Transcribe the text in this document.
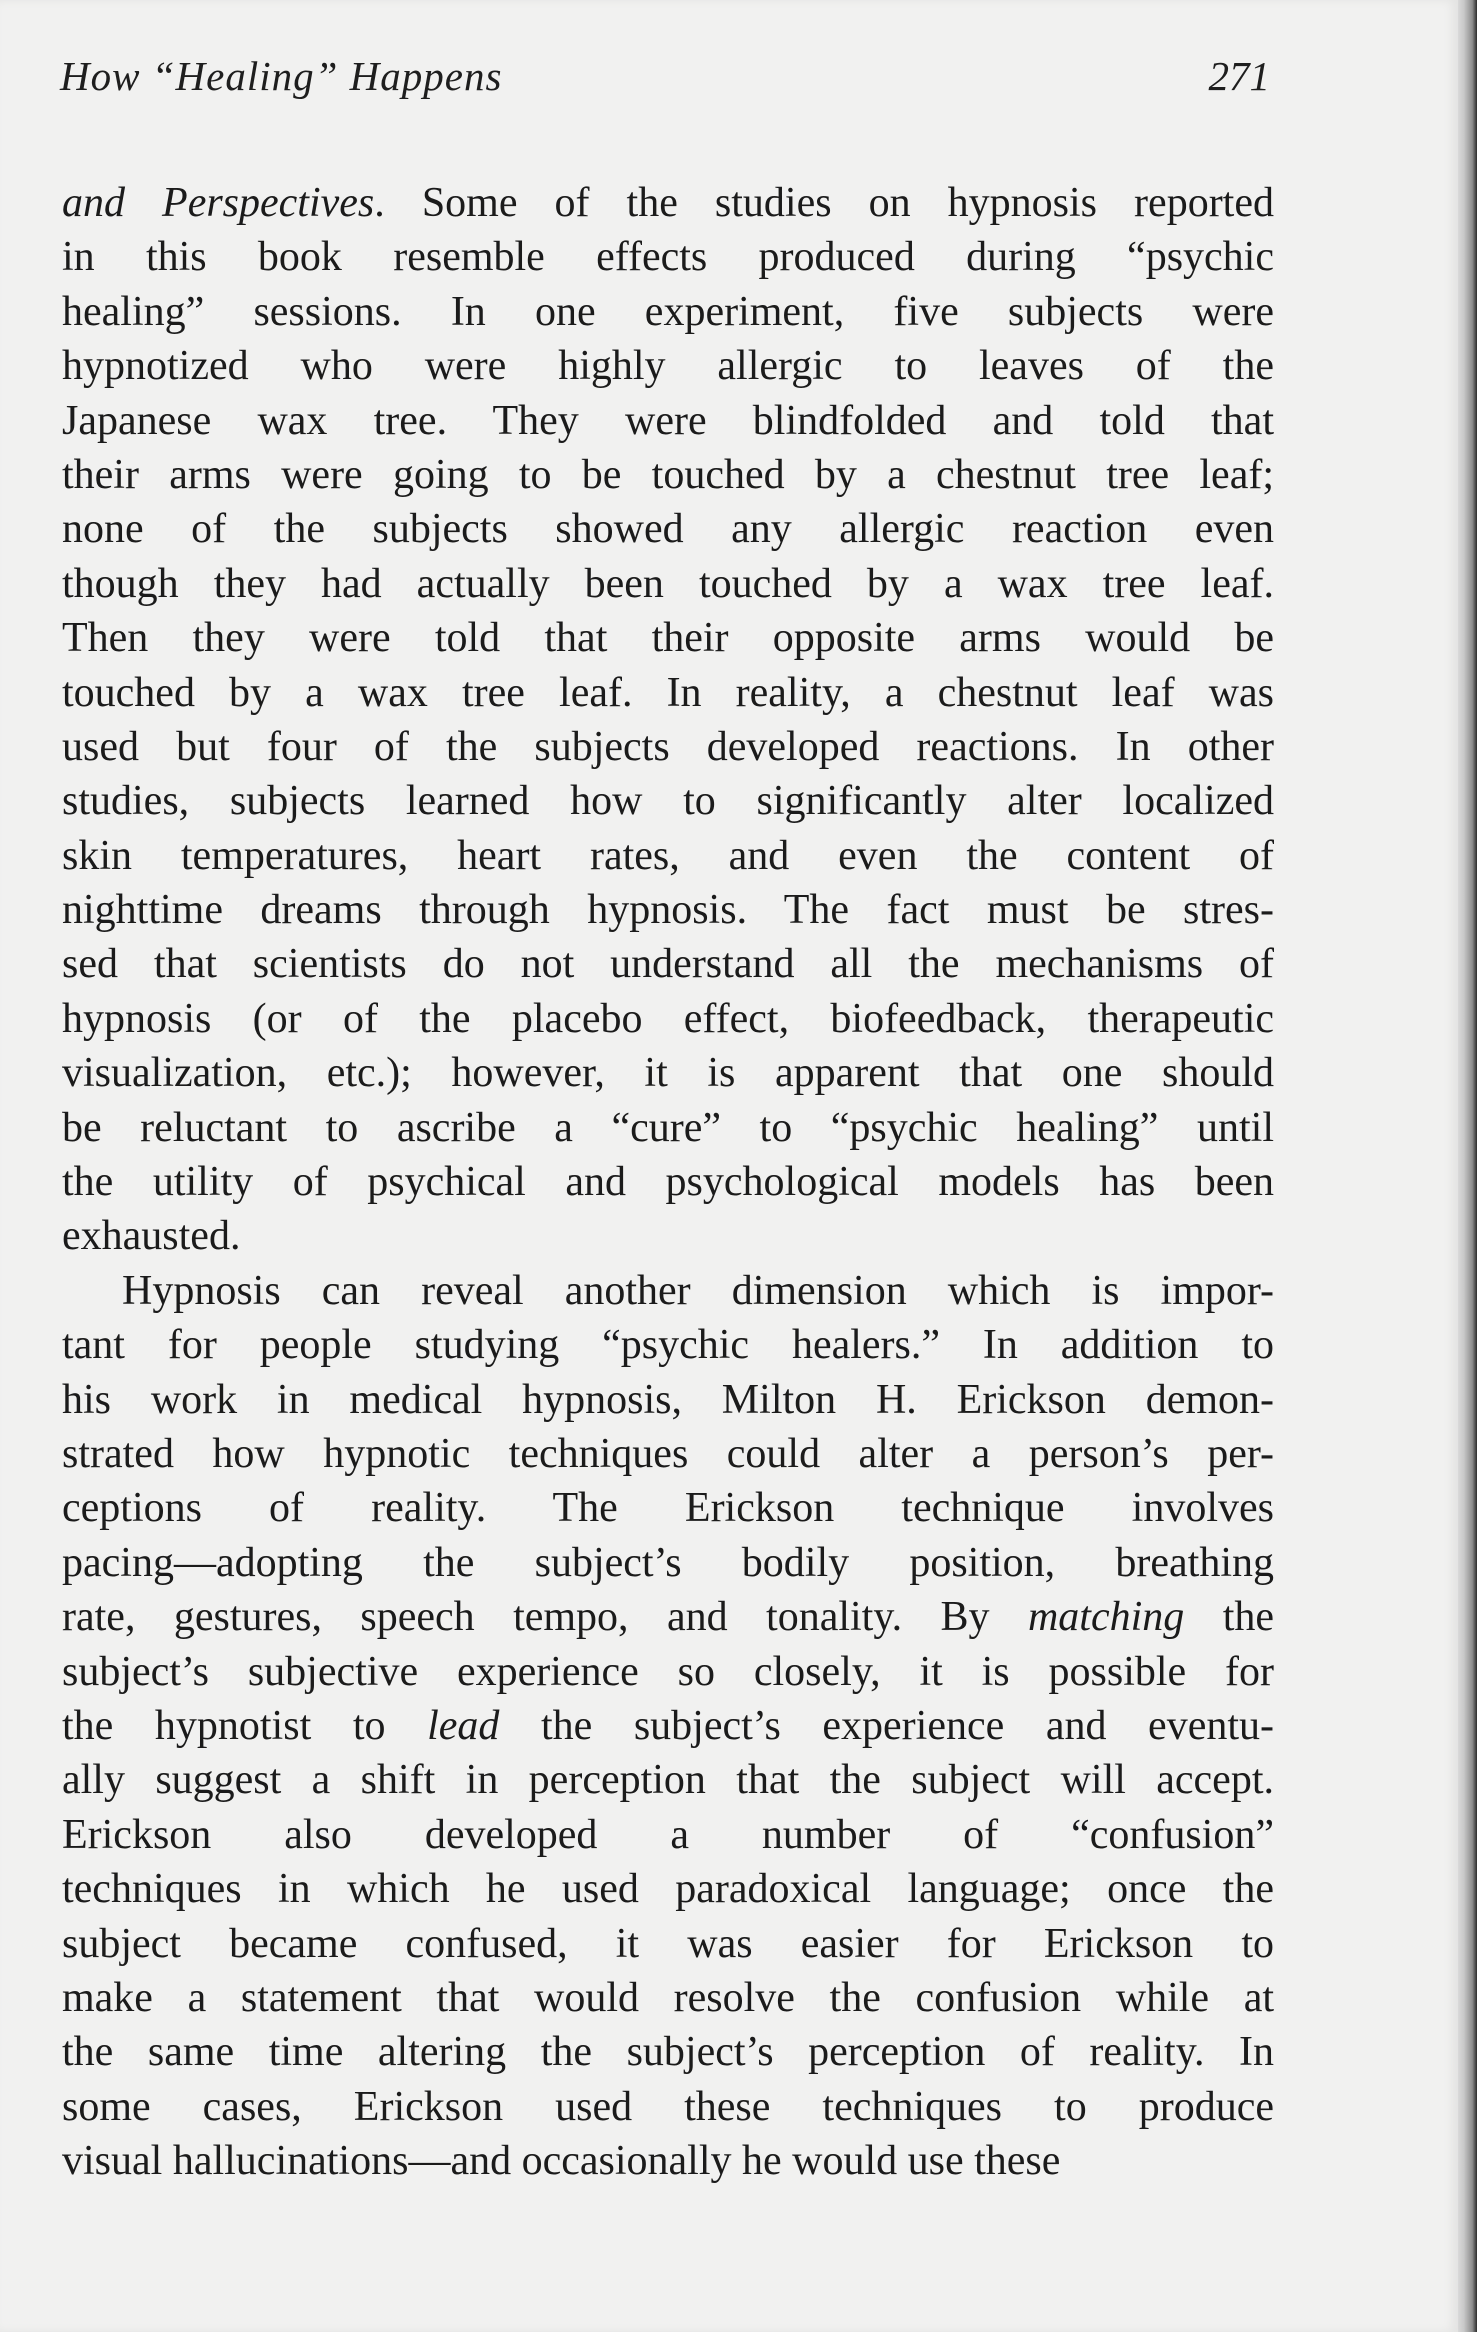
How “Healing” Happens	271
and Perspectives. Some of the studies on hypnosis reported
in this book resemble effects produced during “psychic
healing” sessions. In one experiment, five subjects were
hypnotized who were highly allergic to leaves of the
Japanese wax tree. They were blindfolded and told that
their arms were going to be touched by a chestnut tree leaf;
none of the subjects showed any allergic reaction even
though they had actually been touched by a wax tree leaf.
Then they were told that their opposite arms would be
touched by a wax tree leaf. In reality, a chestnut leaf was
used but four of the subjects developed reactions. In other
studies, subjects learned how to significantly alter localized
skin temperatures, heart rates, and even the content of
nighttime dreams through hypnosis. The fact must be stres-
sed that scientists do not understand all the mechanisms of
hypnosis (or of the placebo effect, biofeedback, therapeutic
visualization, etc.); however, it is apparent that one should
be reluctant to ascribe a “cure” to “psychic healing” until
the utility of psychical and psychological models has been
exhausted.
Hypnosis can reveal another dimension which is impor-
tant for people studying “psychic healers.” In addition to
his work in medical hypnosis, Milton H. Erickson demon-
strated how hypnotic techniques could alter a person’s per-
ceptions of reality. The Erickson technique involves
pacing—adopting the subject’s bodily position, breathing
rate, gestures, speech tempo, and tonality. By matching the
subject’s subjective experience so closely, it is possible for
the hypnotist to lead the subject’s experience and eventu-
ally suggest a shift in perception that the subject will accept.
Erickson also developed a number of “confusion”
techniques in which he used paradoxical language; once the
subject became confused, it was easier for Erickson to
make a statement that would resolve the confusion while at
the same time altering the subject’s perception of reality. In
some cases, Erickson used these techniques to produce
visual hallucinations—and occasionally he would use these
